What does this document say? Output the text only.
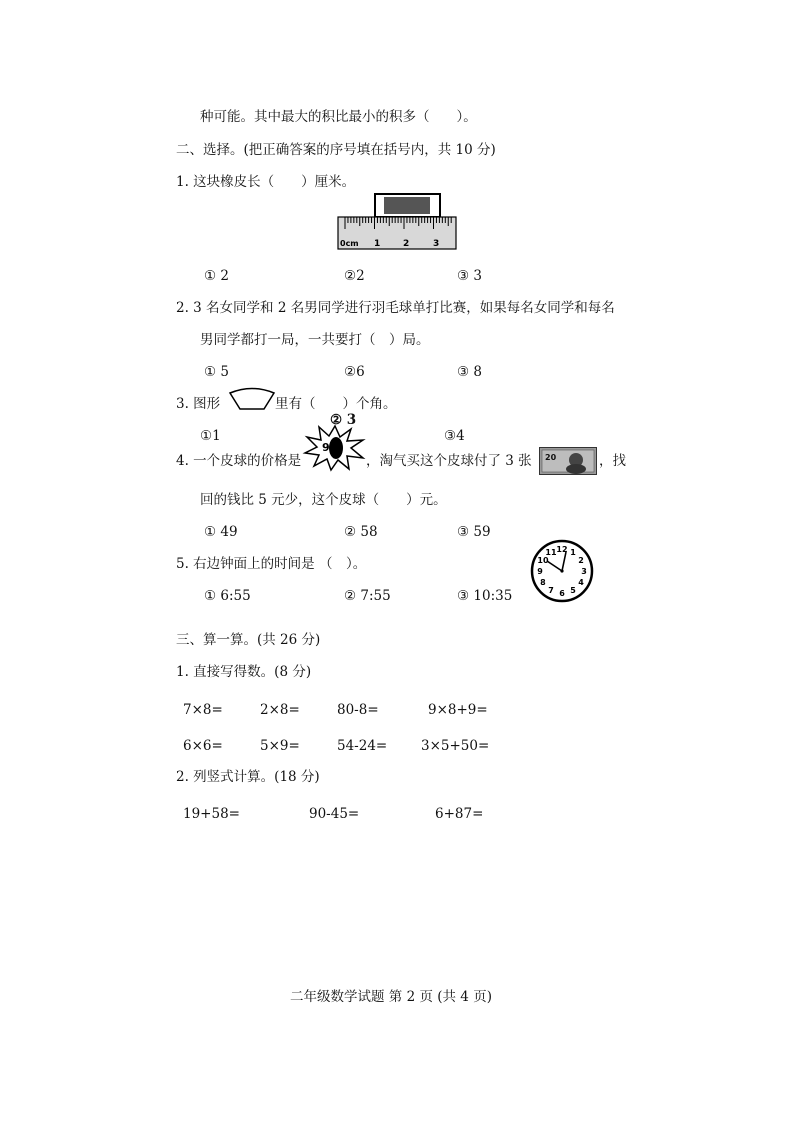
种可能。其中最大的积比最小的积多（　　）。
二、选择。(把正确答案的序号填在括号内，共 10 分)
1. 这块橡皮长（　　）厘米。
0cm 1	2	3
① 2	②2	③ 3
2. 3 名女同学和 2 名男同学进行羽毛球单打比赛，如果每名女同学和每名
男同学都打一局，一共要打（　）局。
① 5	②6	③ 8
3. 图形	里有（　　）个角。
①1
② 3
③4
4. 一个皮球的价格是
9
，淘气买这个皮球付了 3 张 20	，找
回的钱比 5 元少，这个皮球（　　）元。
① 49	② 58	③ 59
5. 右边钟面上的时间是 （　）。
12 1
2
3
4
5
6
7
8
9
10
11
① 6:55	② 7:55	③ 10:35
三、算一算。(共 26 分)
1. 直接写得数。(8 分)
7×8=	2×8=	80-8=	9×8+9=
6×6=	5×9=	54-24=	3×5+50=
2. 列竖式计算。(18 分)
19+58=	90-45=	6+87=
二年级数学试题 第 2 页 (共 4 页)
